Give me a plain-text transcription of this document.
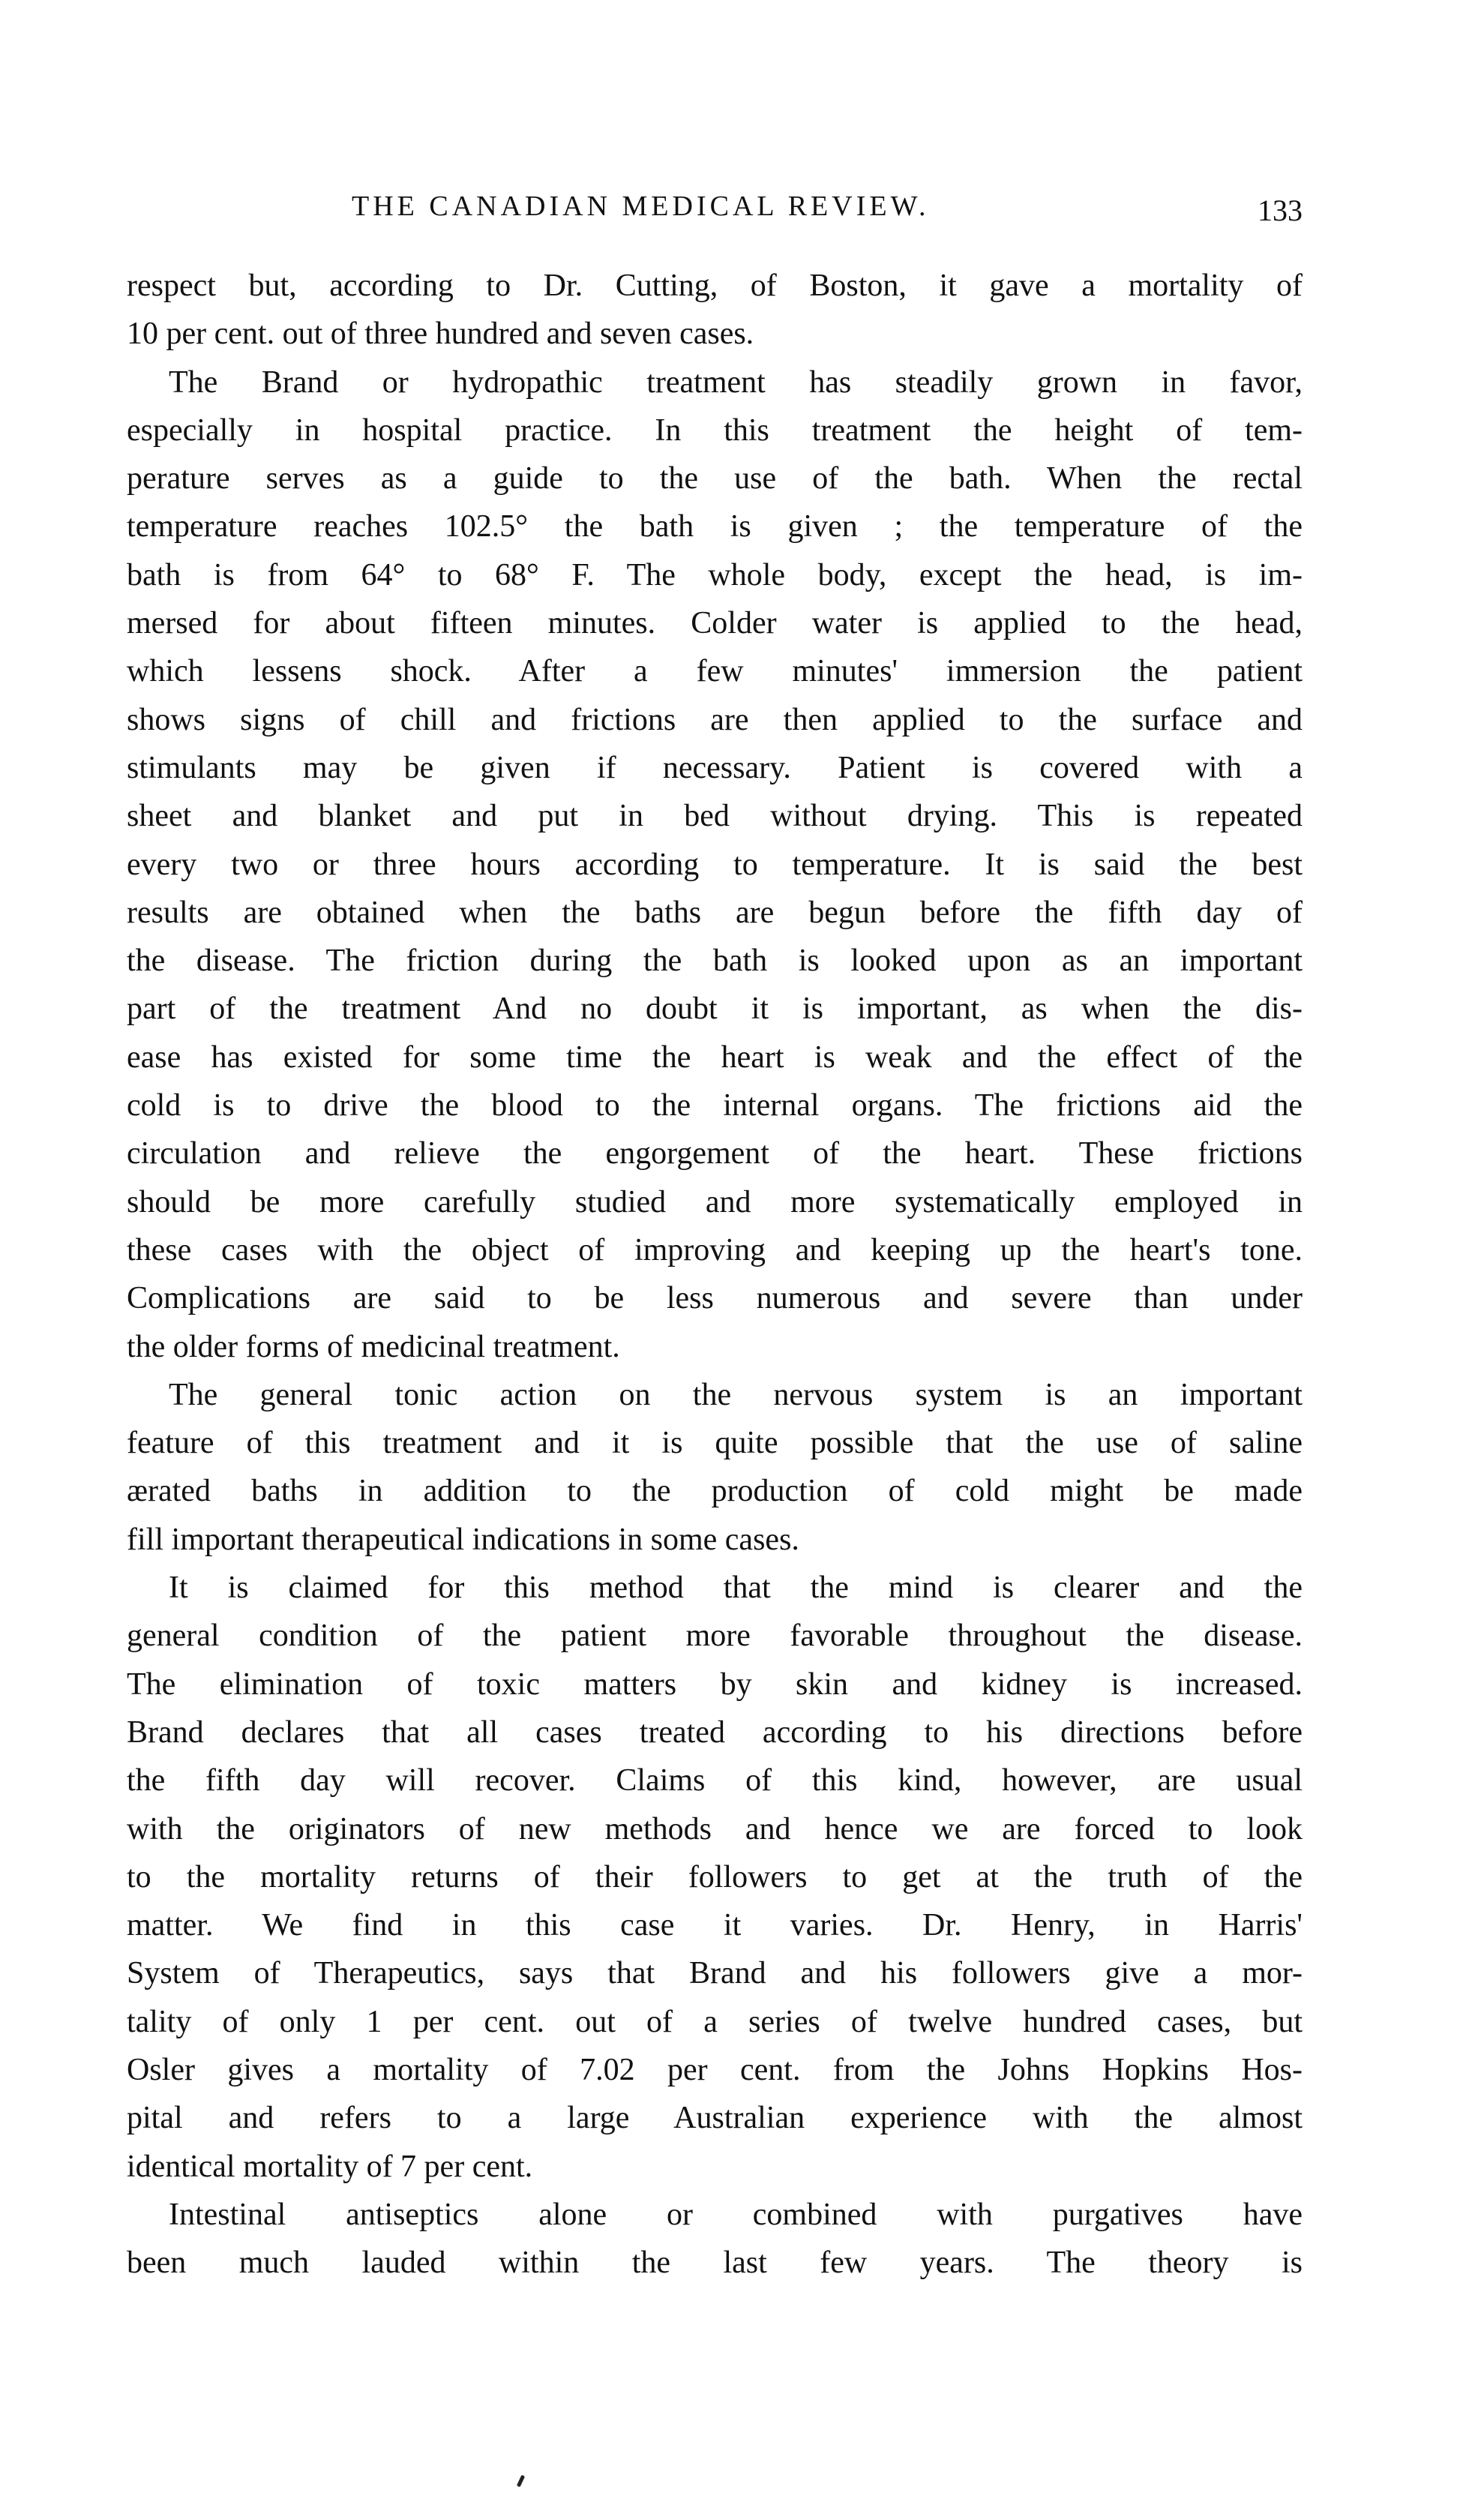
THE CANADIAN MEDICAL REVIEW.	133
respect but, according to Dr. Cutting, of Boston, it gave a mortality of
10 per cent. out of three hundred and seven cases.
The Brand or hydropathic treatment has steadily grown in favor,
especially in hospital practice. In this treatment the height of tem-
perature serves as a guide to the use of the bath. When the rectal
temperature reaches 102.5° the bath is given ; the temperature of the
bath is from 64° to 68° F. The whole body, except the head, is im-
mersed for about fifteen minutes. Colder water is applied to the head,
which lessens shock. After a few minutes' immersion the patient
shows signs of chill and frictions are then applied to the surface and
stimulants may be given if necessary. Patient is covered with a
sheet and blanket and put in bed without drying. This is repeated
every two or three hours according to temperature. It is said the best
results are obtained when the baths are begun before the fifth day of
the disease. The friction during the bath is looked upon as an important
part of the treatment And no doubt it is important, as when the dis-
ease has existed for some time the heart is weak and the effect of the
cold is to drive the blood to the internal organs. The frictions aid the
circulation and relieve the engorgement of the heart. These frictions
should be more carefully studied and more systematically employed in
these cases with the object of improving and keeping up the heart's tone.
Complications are said to be less numerous and severe than under
the older forms of medicinal treatment.
The general tonic action on the nervous system is an important
feature of this treatment and it is quite possible that the use of saline
ærated baths in addition to the production of cold might be made
fill important therapeutical indications in some cases.
It is claimed for this method that the mind is clearer and the
general condition of the patient more favorable throughout the disease.
The elimination of toxic matters by skin and kidney is increased.
Brand declares that all cases treated according to his directions before
the fifth day will recover. Claims of this kind, however, are usual
with the originators of new methods and hence we are forced to look
to the mortality returns of their followers to get at the truth of the
matter. We find in this case it varies. Dr. Henry, in Harris'
System of Therapeutics, says that Brand and his followers give a mor-
tality of only 1 per cent. out of a series of twelve hundred cases, but
Osler gives a mortality of 7.02 per cent. from the Johns Hopkins Hos-
pital and refers to a large Australian experience with the almost
identical mortality of 7 per cent.
Intestinal antiseptics alone or combined with purgatives have
been much lauded within the last few years. The theory is
